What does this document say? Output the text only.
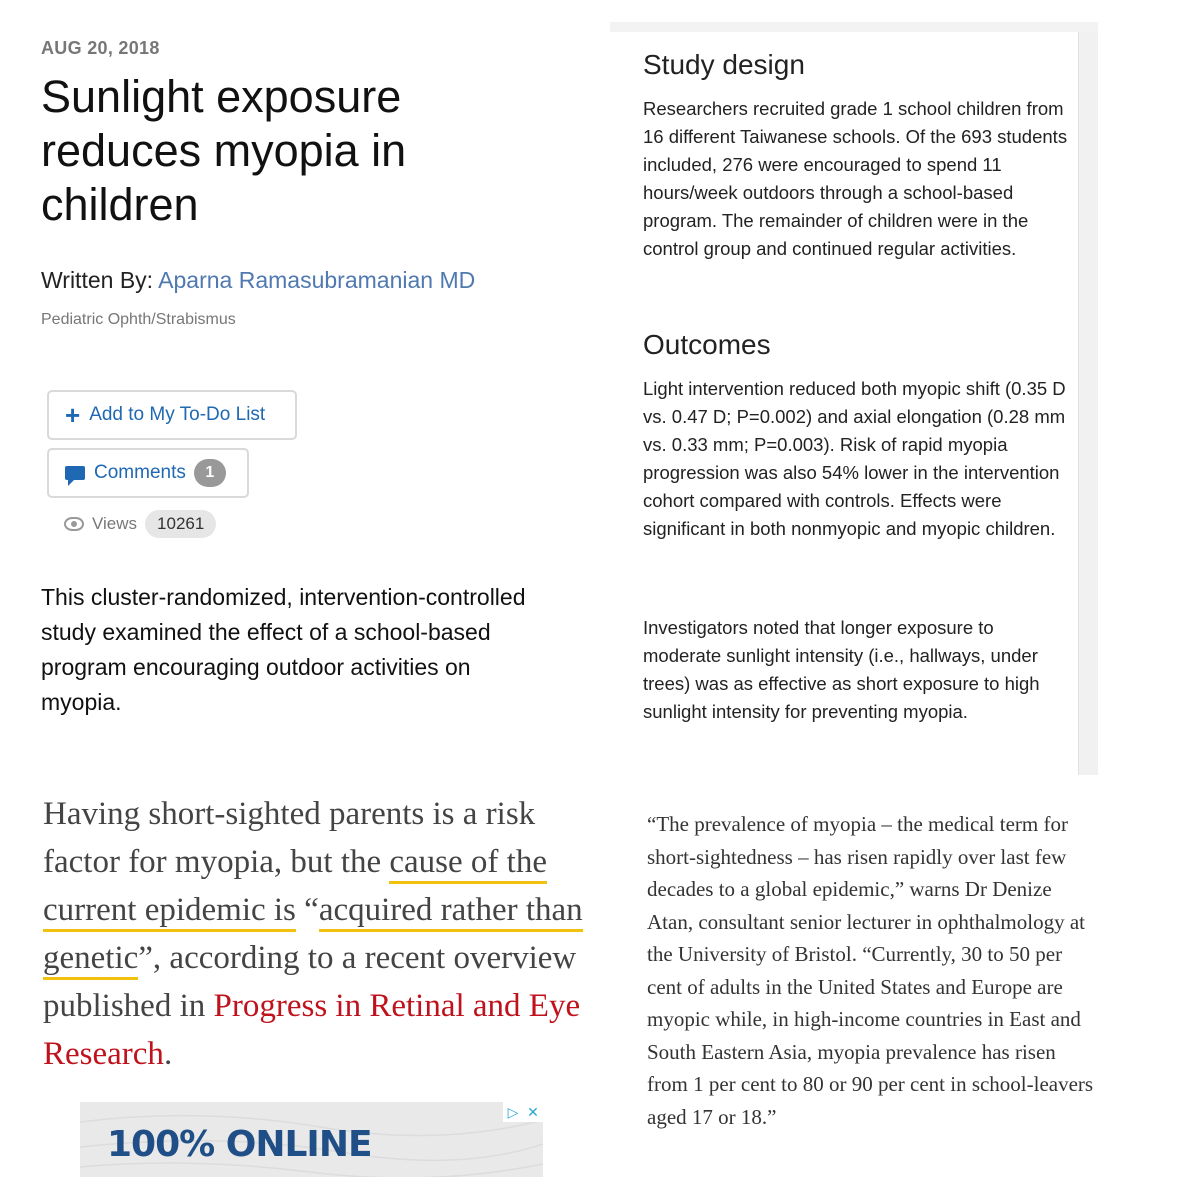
AUG 20, 2018
Sunlight exposure reduces myopia in children
Written By: Aparna Ramasubramanian MD
Pediatric Ophth/Strabismus
+ Add to My To-Do List
Comments	1
Views	10261

This cluster-randomized, intervention-controlled study examined the effect of a school-based program encouraging outdoor activities on myopia.

Study design

Researchers recruited grade 1 school children from 16 different Taiwanese schools. Of the 693 students included, 276 were encouraged to spend 11 hours/week outdoors through a school-based program. The remainder of children were in the control group and continued regular activities.

Outcomes

Light intervention reduced both myopic shift (0.35 D vs. 0.47 D; P=0.002) and axial elongation (0.28 mm vs. 0.33 mm; P=0.003). Risk of rapid myopia progression was also 54% lower in the intervention cohort compared with controls. Effects were significant in both nonmyopic and myopic children.

Investigators noted that longer exposure to moderate sunlight intensity (i.e., hallways, under trees) was as effective as short exposure to high sunlight intensity for preventing myopia.

Having short-sighted parents is a risk factor for myopia, but the cause of the current epidemic is “acquired rather than genetic”, according to a recent overview published in Progress in Retinal and Eye Research.

100% ONLINE
▷ ✕

“The prevalence of myopia – the medical term for short-sightedness – has risen rapidly over last few decades to a global epidemic,” warns Dr Denize Atan, consultant senior lecturer in ophthalmology at the University of Bristol. “Currently, 30 to 50 per cent of adults in the United States and Europe are myopic while, in high-income countries in East and South Eastern Asia, myopia prevalence has risen from 1 per cent to 80 or 90 per cent in school-leavers aged 17 or 18.”
